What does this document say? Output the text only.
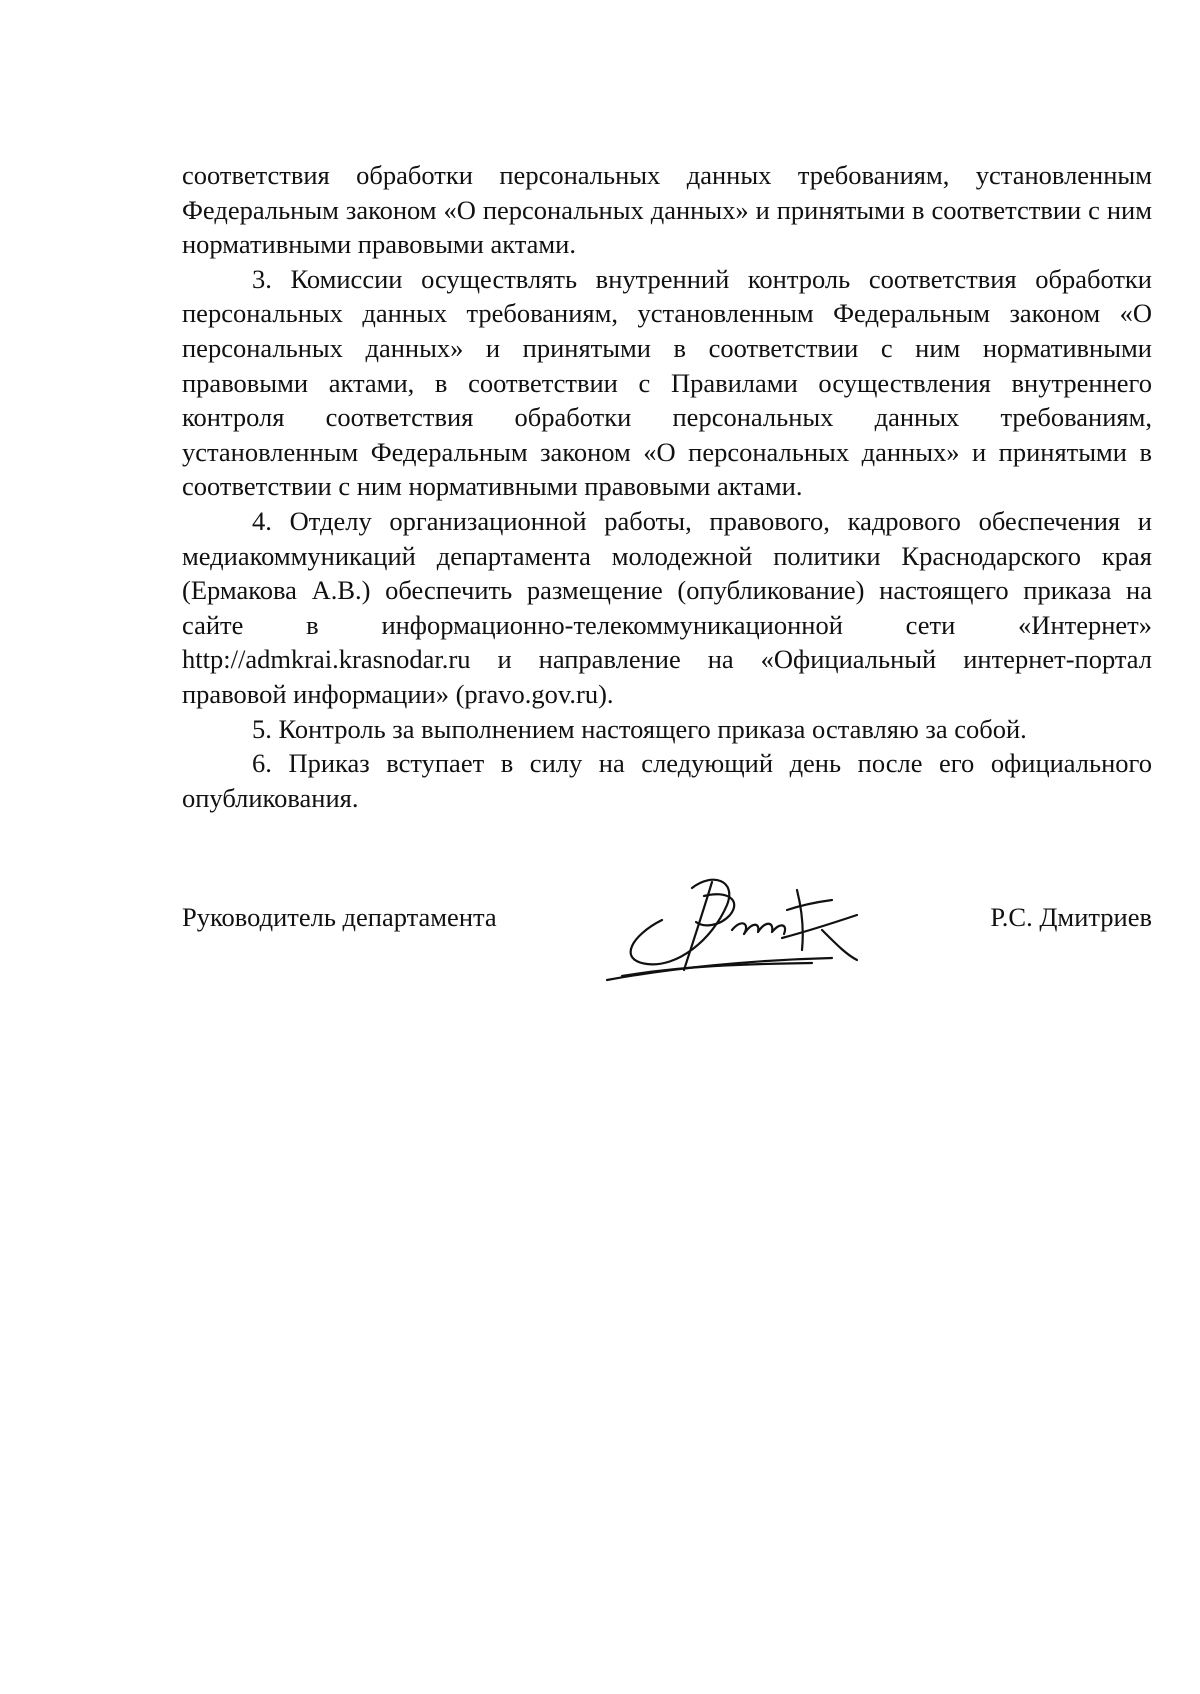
соответствия обработки персональных данных требованиям, установленным Федеральным законом «О персональных данных» и принятыми в соответствии с ним нормативными правовыми актами.

3. Комиссии осуществлять внутренний контроль соответствия обработки персональных данных требованиям, установленным Федеральным законом «О персональных данных» и принятыми в соответствии с ним нормативными правовыми актами, в соответствии с Правилами осуществления внутреннего контроля соответствия обработки персональных данных требованиям, установленным Федеральным законом «О персональных данных» и принятыми в соответствии с ним нормативными правовыми актами.

4. Отделу организационной работы, правового, кадрового обеспечения и медиакоммуникаций департамента молодежной политики Краснодарского края (Ермакова А.В.) обеспечить размещение (опубликование) настоящего приказа на сайте в информационно-телекоммуникационной сети «Интернет» http://admkrai.krasnodar.ru и направление на «Официальный интернет-портал правовой информации» (pravo.gov.ru).

5. Контроль за выполнением настоящего приказа оставляю за собой.

6. Приказ вступает в силу на следующий день после его официального опубликования.

Руководитель департамента	Р.С. Дмитриев
